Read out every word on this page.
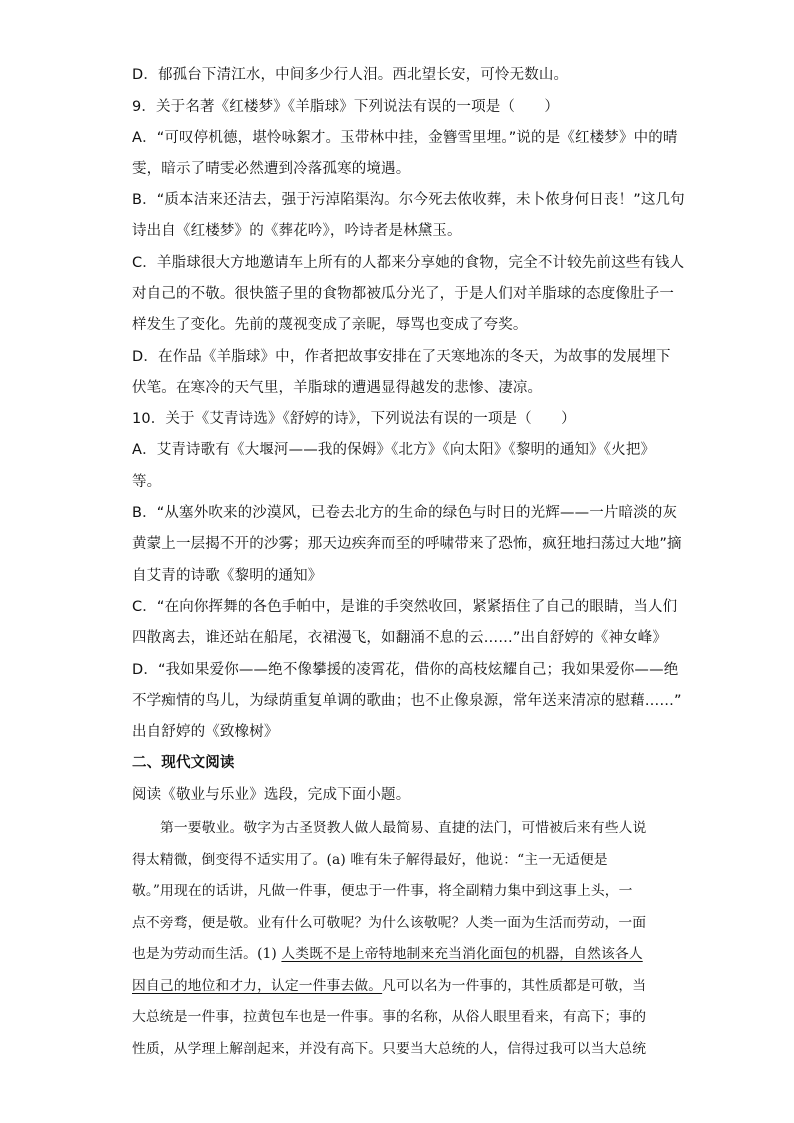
D．郁孤台下清江水，中间多少行人泪。西北望长安，可怜无数山。
9．关于名著《红楼梦》《羊脂球》下列说法有误的一项是（　　）
A．“可叹停机德，堪怜咏絮才。玉带林中挂，金簪雪里埋。”说的是《红楼梦》中的晴
雯，暗示了晴雯必然遭到冷落孤寒的境遇。
B．“质本洁来还洁去，强于污淖陷渠沟。尔今死去侬收葬，未卜侬身何日丧！”这几句
诗出自《红楼梦》的《葬花吟》，吟诗者是林黛玉。
C．羊脂球很大方地邀请车上所有的人都来分享她的食物，完全不计较先前这些有钱人
对自己的不敬。很快篮子里的食物都被瓜分光了，于是人们对羊脂球的态度像肚子一
样发生了变化。先前的蔑视变成了亲昵，辱骂也变成了夸奖。
D．在作品《羊脂球》中，作者把故事安排在了天寒地冻的冬天，为故事的发展埋下
伏笔。在寒冷的天气里，羊脂球的遭遇显得越发的悲惨、凄凉。
10．关于《艾青诗选》《舒婷的诗》，下列说法有误的一项是（　　）
A．艾青诗歌有《大堰河——我的保姆》《北方》《向太阳》《黎明的通知》《火把》
等。
B．“从塞外吹来的沙漠风，已卷去北方的生命的绿色与时日的光辉——一片暗淡的灰
黄蒙上一层揭不开的沙雾；那天边疾奔而至的呼啸带来了恐怖，疯狂地扫荡过大地”摘
自艾青的诗歌《黎明的通知》
C．“在向你挥舞的各色手帕中，是谁的手突然收回，紧紧捂住了自己的眼睛，当人们
四散离去，谁还站在船尾，衣裙漫飞，如翻涌不息的云……”出自舒婷的《神女峰》
D．“我如果爱你——绝不像攀援的凌霄花，借你的高枝炫耀自己；我如果爱你——绝
不学痴情的鸟儿，为绿荫重复单调的歌曲；也不止像泉源，常年送来清凉的慰藉……”
出自舒婷的《致橡树》
二、现代文阅读
阅读《敬业与乐业》选段，完成下面小题。
第一要敬业。敬字为古圣贤教人做人最简易、直捷的法门，可惜被后来有些人说
得太精微，倒变得不适实用了。(a) 唯有朱子解得最好，他说：“主一无适便是
敬。”用现在的话讲，凡做一件事，便忠于一件事，将全副精力集中到这事上头，一
点不旁骛，便是敬。业有什么可敬呢？为什么该敬呢？人类一面为生活而劳动，一面
也是为劳动而生活。(1) 人类既不是上帝特地制来充当消化面包的机器，自然该各人
因自己的地位和才力，认定一件事去做。凡可以名为一件事的，其性质都是可敬，当
大总统是一件事，拉黄包车也是一件事。事的名称，从俗人眼里看来，有高下；事的
性质，从学理上解剖起来，并没有高下。只要当大总统的人，信得过我可以当大总统
